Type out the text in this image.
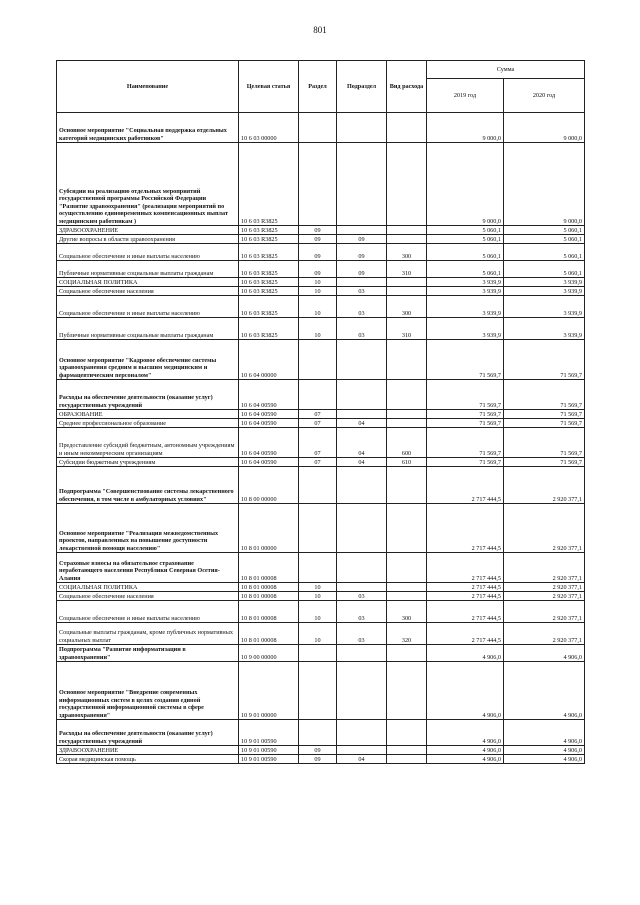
801
Наименование	Целевая статья	Раздел	Подраздел	Вид расхода	Сумма	
					2019 год	2020 год
Основное мероприятие "Социальная поддержка отдельных категорий медицинских работников"	10 6 03 00000				9 000,0	9 000,0
Субсидии на реализацию отдельных мероприятий государственной программы Российской Федерации "Развитие здравоохранения" (реализация мероприятий по осуществлению единовременных компенсационных выплат медицинским работникам )	10 6 03 R3825				9 000,0	9 000,0
ЗДРАВООХРАНЕНИЕ	10 6 03 R3825	09			5 060,1	5 060,1
Другие вопросы в области здравоохранения	10 6 03 R3825	09	09		5 060,1	5 060,1
Социальное обеспечение и иные выплаты населению	10 6 03 R3825	09	09	300	5 060,1	5 060,1
Публичные нормативные социальные выплаты гражданам	10 6 03 R3825	09	09	310	5 060,1	5 060,1
СОЦИАЛЬНАЯ ПОЛИТИКА	10 6 03 R3825	10			3 939,9	3 939,9
Социальное обеспечение населения	10 6 03 R3825	10	03		3 939,9	3 939,9
Социальное обеспечение и иные выплаты населению	10 6 03 R3825	10	03	300	3 939,9	3 939,9
Публичные нормативные социальные выплаты гражданам	10 6 03 R3825	10	03	310	3 939,9	3 939,9
Основное мероприятие "Кадровое обеспечение системы здравоохранения средним и высшим медицинским и фармацевтическим персоналом"	10 6 04 00000				71 569,7	71 569,7
Расходы на обеспечение деятельности (оказание услуг) государственных учреждений	10 6 04 00590				71 569,7	71 569,7
ОБРАЗОВАНИЕ	10 6 04 00590	07			71 569,7	71 569,7
Среднее профессиональное образование	10 6 04 00590	07	04		71 569,7	71 569,7
Предоставление субсидий бюджетным, автономным учреждениям и иным некоммерческим организациям	10 6 04 00590	07	04	600	71 569,7	71 569,7
Субсидии бюджетным учреждениям	10 6 04 00590	07	04	610	71 569,7	71 569,7
Подпрограмма "Совершенствование системы лекарственного обеспечения, в том числе в амбулаторных условиях"	10 8 00 00000				2 717 444,5	2 920 377,1
Основное мероприятие "Реализация межведомственных проектов, направленных на повышение доступности лекарственной помощи населению"	10 8 01 00000				2 717 444,5	2 920 377,1
Страховые взносы на обязательное страхование неработающего населения Республики Северная Осетия-Алания	10 8 01 00008				2 717 444,5	2 920 377,1
СОЦИАЛЬНАЯ ПОЛИТИКА	10 8 01 00008	10			2 717 444,5	2 920 377,1
Социальное обеспечение населения	10 8 01 00008	10	03		2 717 444,5	2 920 377,1
Социальное обеспечение и иные выплаты населению	10 8 01 00008	10	03	300	2 717 444,5	2 920 377,1
Социальные выплаты гражданам, кроме публичных нормативных социальных выплат	10 8 01 00008	10	03	320	2 717 444,5	2 920 377,1
Подпрограмма "Развитие информатизации в здравоохранении"	10 9 00 00000				4 906,0	4 906,0
Основное мероприятие "Внедрение современных информационных систем в целях создания единой государственной информационной системы в сфере здравоохранения"	10 9 01 00000				4 906,0	4 906,0
Расходы на обеспечение деятельности (оказание услуг) государственных учреждений	10 9 01 00590				4 906,0	4 906,0
ЗДРАВООХРАНЕНИЕ	10 9 01 00590	09			4 906,0	4 906,0
Скорая медицинская помощь	10 9 01 00590	09	04		4 906,0	4 906,0
